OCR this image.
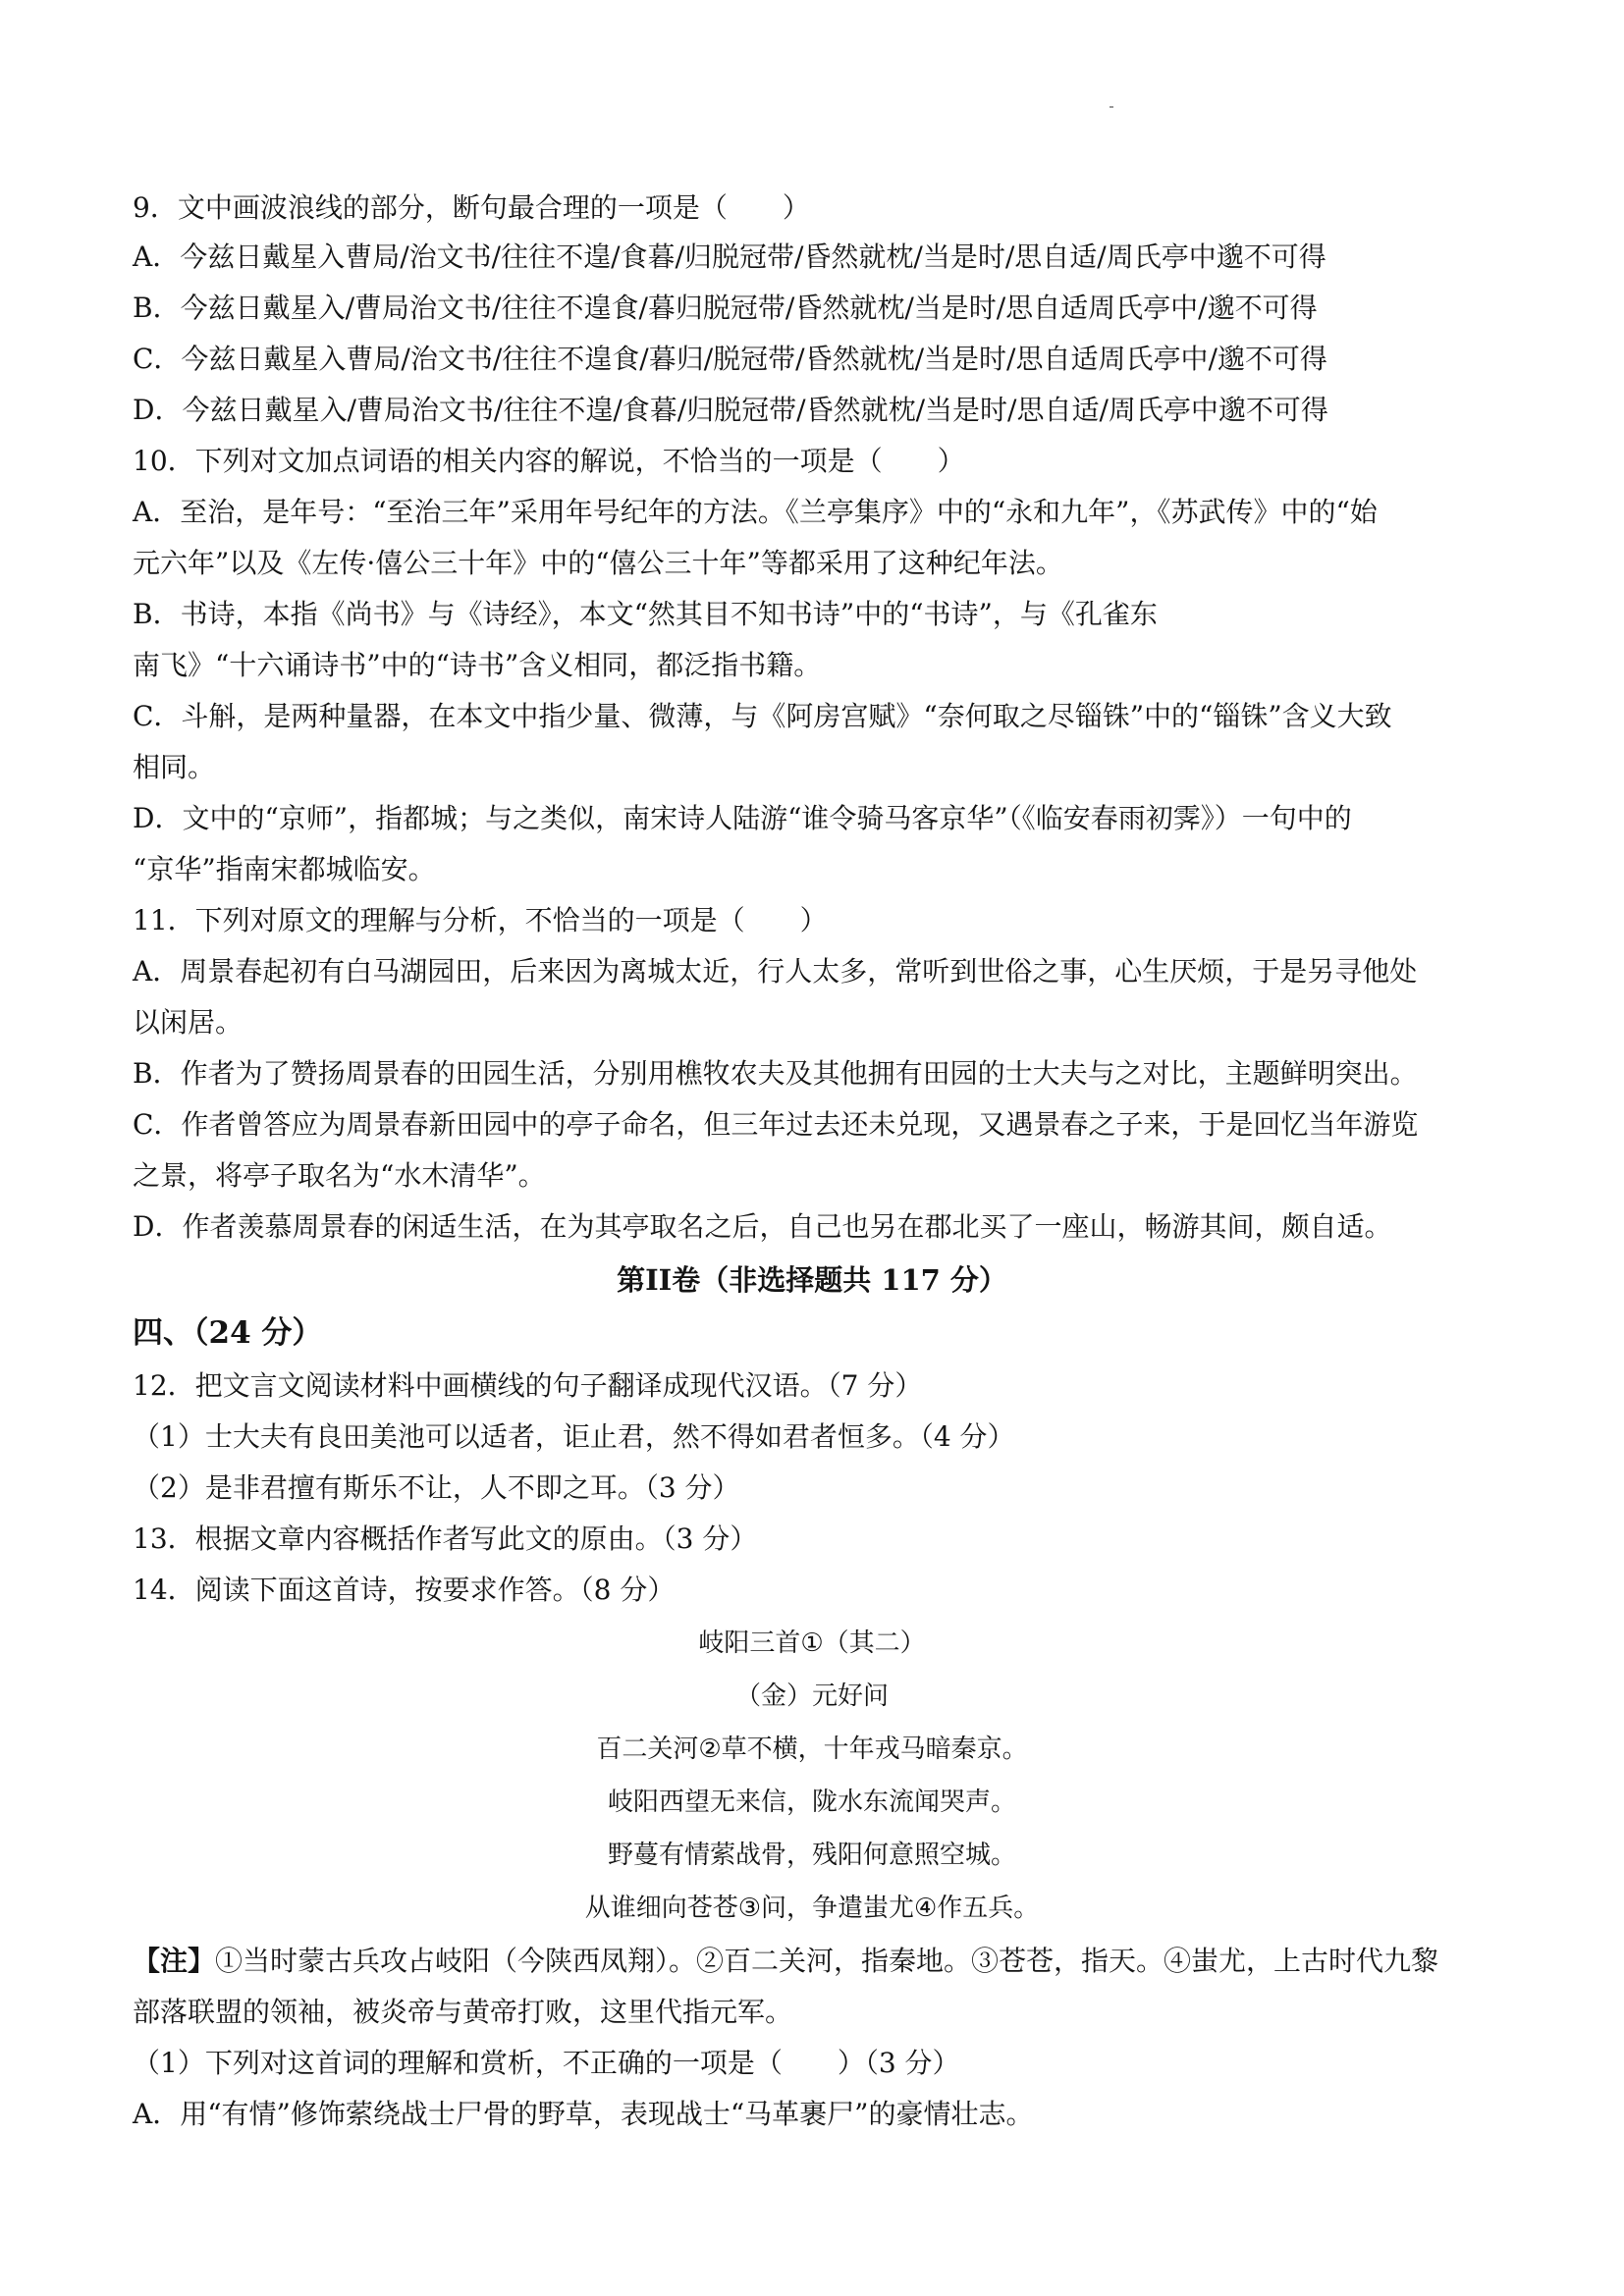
9．文中画波浪线的部分，断句最合理的一项是（　　）
A．今兹日戴星入曹局/治文书/往往不遑/食暮/归脱冠带/昏然就枕/当是时/思自适/周氏亭中邈不可得
B．今兹日戴星入/曹局治文书/往往不遑食/暮归脱冠带/昏然就枕/当是时/思自适周氏亭中/邈不可得
C．今兹日戴星入曹局/治文书/往往不遑食/暮归/脱冠带/昏然就枕/当是时/思自适周氏亭中/邈不可得
D．今兹日戴星入/曹局治文书/往往不遑/食暮/归脱冠带/昏然就枕/当是时/思自适/周氏亭中邈不可得
10．下列对文加点词语的相关内容的解说，不恰当的一项是（　　）
A．至治，是年号：“至治三年”采用年号纪年的方法。《兰亭集序》中的“永和九年”，《苏武传》中的“始
元六年”以及《左传·僖公三十年》中的“僖公三十年”等都采用了这种纪年法。
B．书诗，本指《尚书》与《诗经》，本文“然其目不知书诗”中的“书诗”，与《孔雀东
南飞》“十六诵诗书”中的“诗书”含义相同，都泛指书籍。
C．斗斛，是两种量器，在本文中指少量、微薄，与《阿房宫赋》“奈何取之尽锱铢”中的“锱铢”含义大致
相同。
D．文中的“京师”，指都城；与之类似，南宋诗人陆游“谁令骑马客京华”（《临安春雨初霁》）一句中的
“京华”指南宋都城临安。
11．下列对原文的理解与分析，不恰当的一项是（　　）
A．周景春起初有白马湖园田，后来因为离城太近，行人太多，常听到世俗之事，心生厌烦，于是另寻他处
以闲居。
B．作者为了赞扬周景春的田园生活，分别用樵牧农夫及其他拥有田园的士大夫与之对比，主题鲜明突出。
C．作者曾答应为周景春新田园中的亭子命名，但三年过去还未兑现，又遇景春之子来，于是回忆当年游览
之景，将亭子取名为“水木清华”。
D．作者羡慕周景春的闲适生活，在为其亭取名之后，自己也另在郡北买了一座山，畅游其间，颇自适。
第II卷（非选择题共 117 分）
四、（24 分）
12．把文言文阅读材料中画横线的句子翻译成现代汉语。（7 分）
（1）士大夫有良田美池可以适者，讵止君，然不得如君者恒多。（4 分）
（2）是非君擅有斯乐不让，人不即之耳。（3 分）
13．根据文章内容概括作者写此文的原由。（3 分）
14．阅读下面这首诗，按要求作答。（8 分）
岐阳三首①（其二）
（金）元好问
百二关河②草不横，十年戎马暗秦京。
岐阳西望无来信，陇水东流闻哭声。
野蔓有情萦战骨，残阳何意照空城。
从谁细向苍苍③问，争遣蚩尤④作五兵。
【注】①当时蒙古兵攻占岐阳（今陕西凤翔）。②百二关河，指秦地。③苍苍，指天。④蚩尤，上古时代九黎
部落联盟的领袖，被炎帝与黄帝打败，这里代指元军。
（1）下列对这首词的理解和赏析，不正确的一项是（　　）（3 分）
A．用“有情”修饰萦绕战士尸骨的野草，表现战士“马革裹尸”的豪情壮志。
